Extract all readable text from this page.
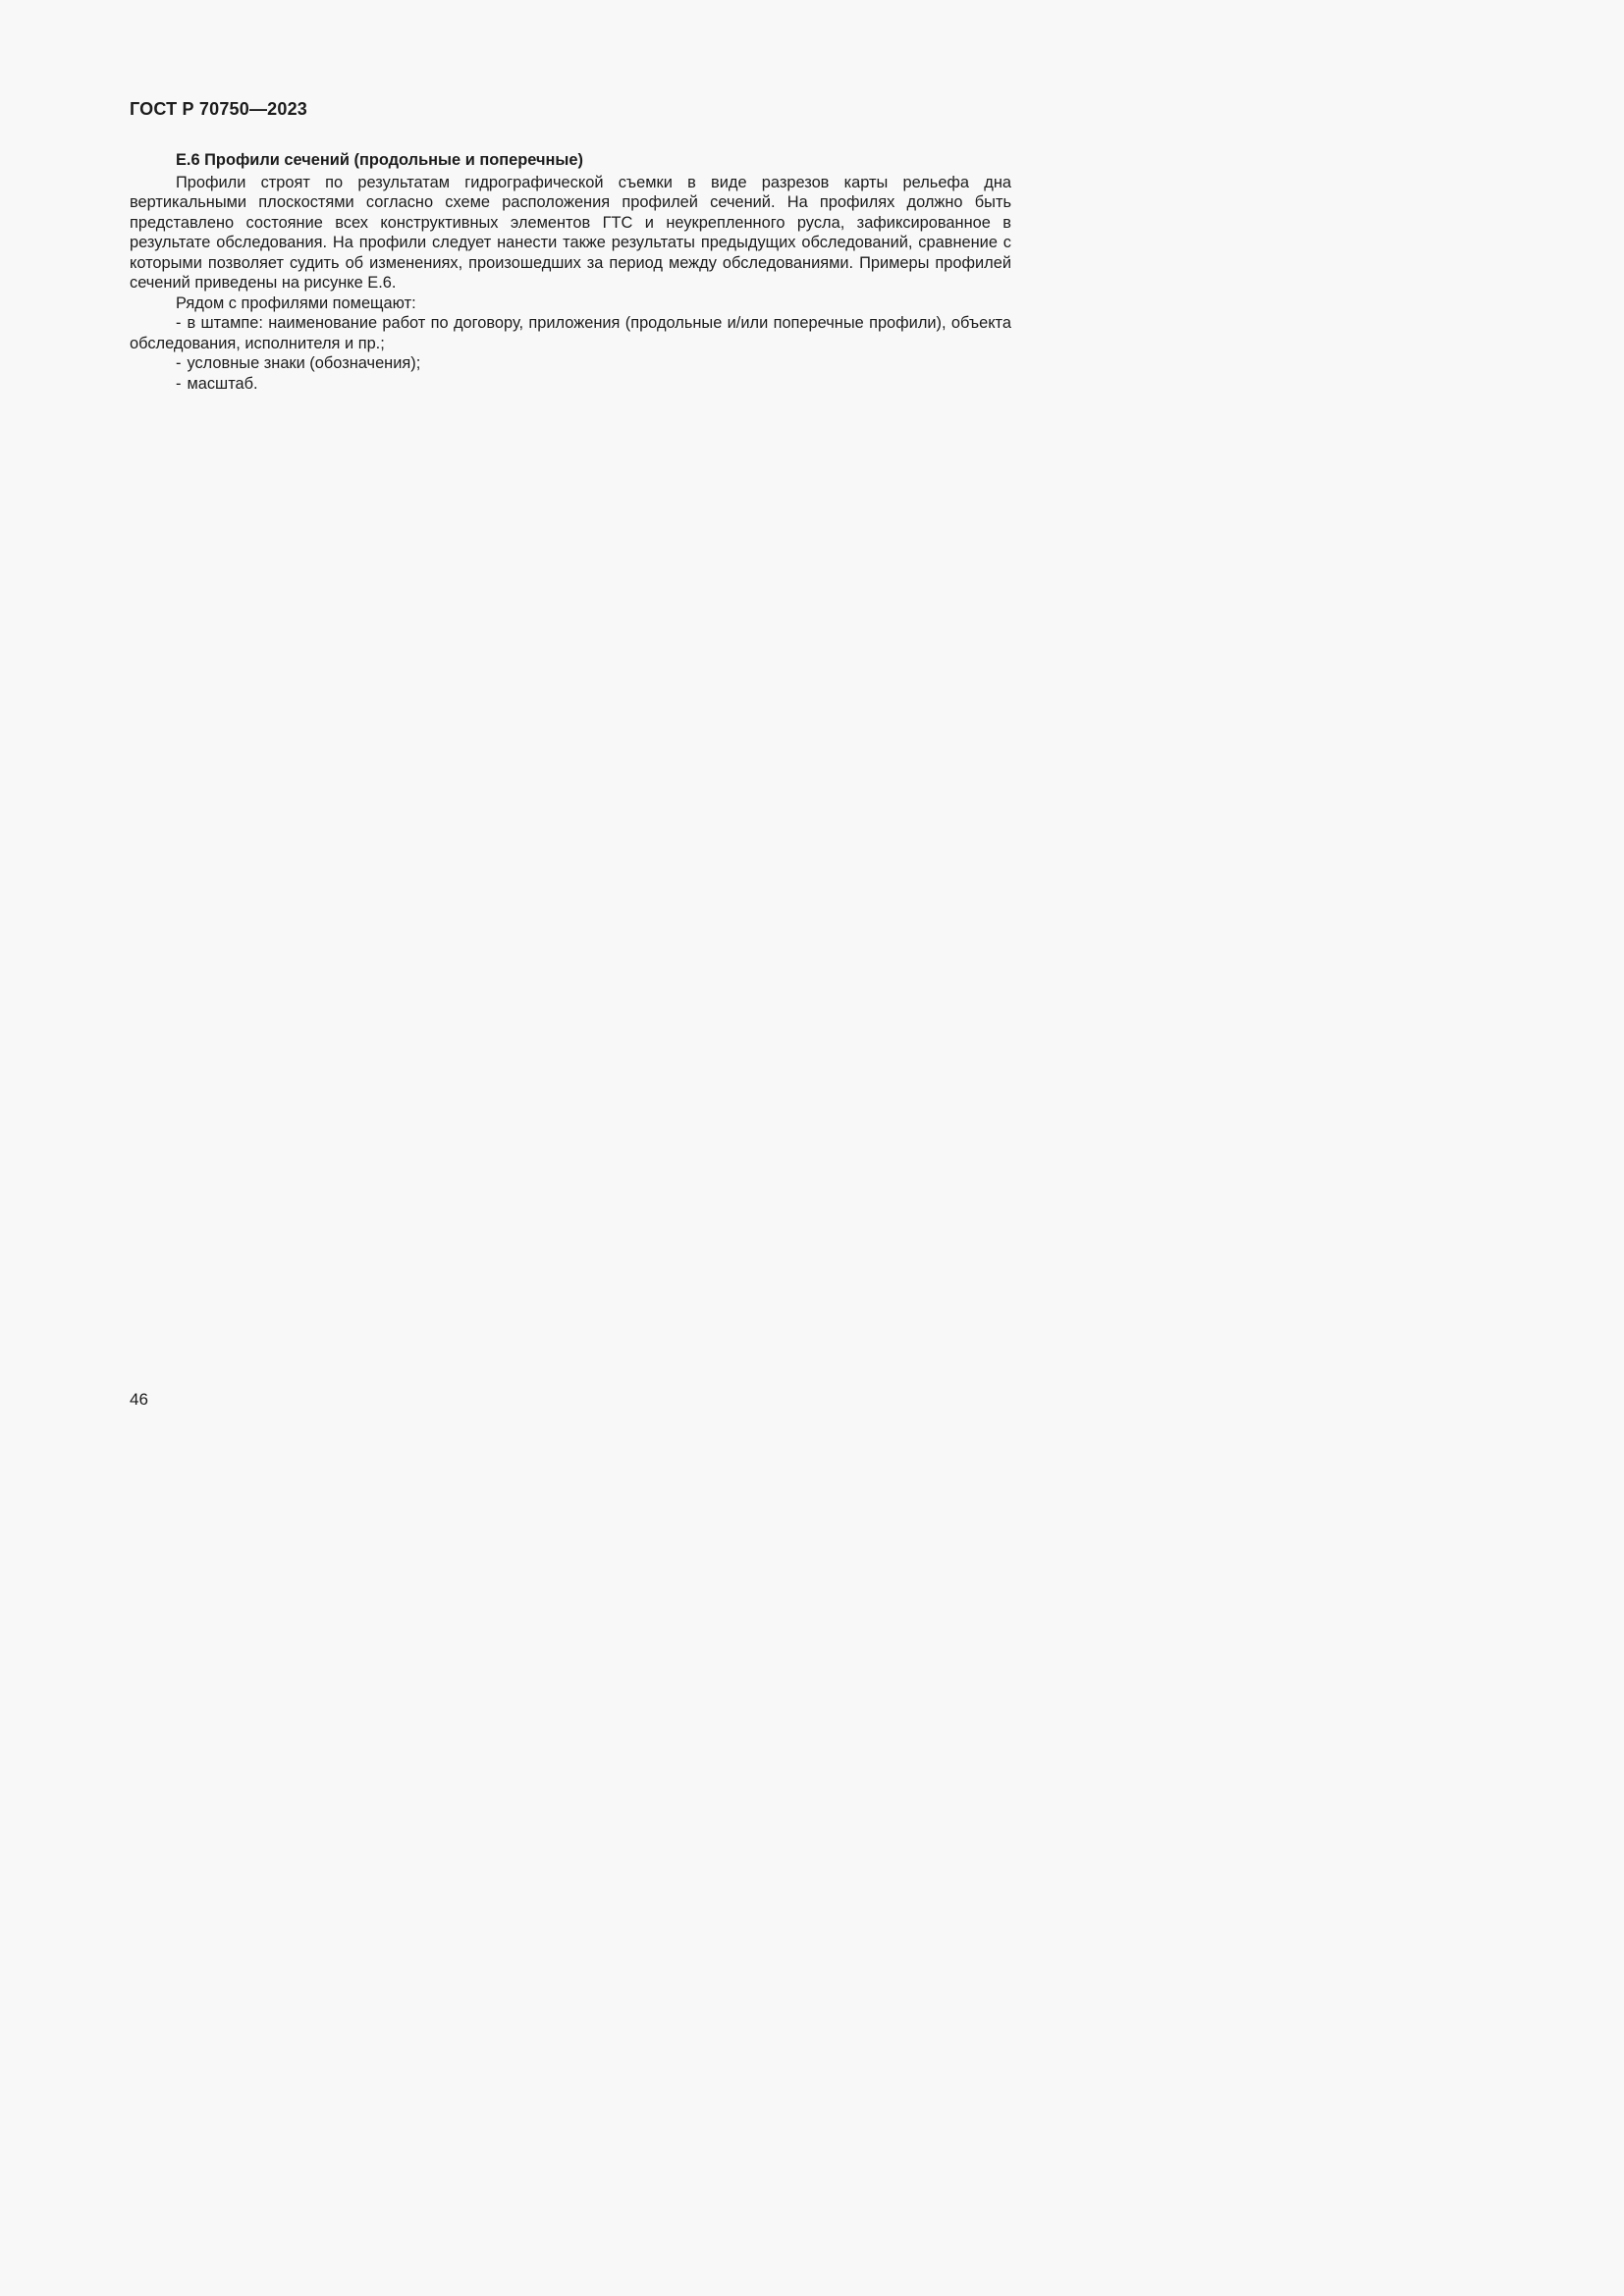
ГОСТ Р 70750—2023

Е.6 Профили сечений (продольные и поперечные)

Профили строят по результатам гидрографической съемки в виде разрезов карты рельефа дна вертикальными плоскостями согласно схеме расположения профилей сечений. На профилях должно быть представлено состояние всех конструктивных элементов ГТС и неукрепленного русла, зафиксированное в результате обследования. На профили следует нанести также результаты предыдущих обследований, сравнение с которыми позволяет судить об изменениях, произошедших за период между обследованиями. Примеры профилей сечений приведены на рисунке Е.6.

Рядом с профилями помещают:

- в штампе: наименование работ по договору, приложения (продольные и/или поперечные профили), объекта обследования, исполнителя и пр.;

- условные знаки (обозначения);

- масштаб.

46
